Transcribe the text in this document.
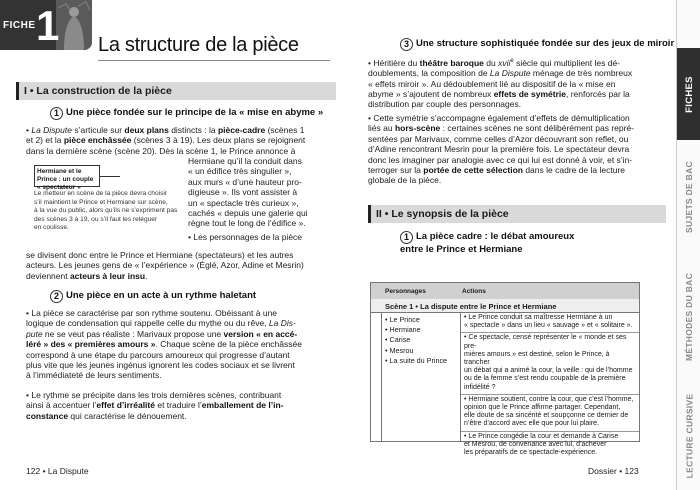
FICHE 1 La structure de la pièce
I • La construction de la pièce
1 Une pièce fondée sur le principe de la « mise en abyme »
• La Dispute s’articule sur deux plans distincts : la pièce-cadre (scènes 1
et 2) et la pièce enchâssée (scènes 3 à 19). Les deux plans se rejoignent
dans la dernière scène (scène 20). Dès la scène 1, le Prince annonce à
Hermiane qu’il la conduit dans
« un édifice très singulier »,
aux murs « d’une hauteur pro-
digieuse ». Ils vont assister à
un « spectacle très curieux »,
cachés « depuis une galerie qui
règne tout le long de l’édifice ».
• Les personnages de la pièce
Hermiane et le Prince : un couple « spectateur »
Le metteur en scène de la pièce devra choisir
s’il maintient le Prince et Hermiane sur scène,
à la vue du public, alors qu’ils ne s’expriment pas
des scènes 3 à 19, ou s’il faut les reléguer
en coulisse.
se divisent donc entre le Prince et Hermiane (spectateurs) et les autres
acteurs. Les jeunes gens de « l’expérience » (Églé, Azor, Adine et Mesrin)
deviennent acteurs à leur insu.
2 Une pièce en un acte à un rythme haletant
• La pièce se caractérise par son rythme soutenu. Obéissant à une
logique de condensation qui rappelle celle du mythe ou du rêve, La Dis-
pute ne se veut pas réaliste : Marivaux propose une version « en accé-
léré » des « premières amours ». Chaque scène de la pièce enchâssée
correspond à une étape du parcours amoureux qui progresse d’autant
plus vite que les jeunes ingénus ignorent les codes sociaux et se livrent
à l’immédiateté de leurs sentiments.
• Le rythme se précipite dans les trois dernières scènes, contribuant
ainsi à accentuer l’effet d’irréalité et traduire l’emballement de l’in-
constance qui caractérise le dénouement.
3 Une structure sophistiquée fondée sur des jeux de miroir
• Héritière du théâtre baroque du xvii$^e$ siècle qui multiplient les dé-
doublements, la composition de La Dispute ménage de très nombreux
« effets miroir ». Au dédoublement lié au dispositif de la « mise en
abyme » s’ajoutent de nombreux effets de symétrie, renforcés par la
distribution par couple des personnages.
• Cette symétrie s’accompagne également d’effets de démultiplication
liés au hors-scène : certaines scènes ne sont délibérément pas repré-
sentées par Marivaux, comme celles d’Azor découvrant son reflet, ou
d’Adine rencontrant Mesrin pour la première fois. Le spectateur devra
donc les imaginer par analogie avec ce qui lui est donné à voir, et s’in-
terroger sur la portée de cette sélection dans le cadre de la lecture
globale de la pièce.
II • Le synopsis de la pièce
1 La pièce cadre : le débat amoureux
entre le Prince et Hermiane
Personnages	Actions
Scène 1 • La dispute entre le Prince et Hermiane
• Le Prince
• Hermiane
• Carise
• Mesrou
• La suite du Prince
• Le Prince conduit sa maîtresse Hermiane à un
« spectacle » dans un lieu « sauvage » et « solitaire ».
• Ce spectacle, censé représenter le « monde et ses pre-
mières amours » est destiné, selon le Prince, à trancher
un débat qui a animé la cour, la veille : qui de l’homme
ou de la femme s’est rendu coupable de la première
infidélité ?
• Hermiane soutient, contre la cour, que c’est l’homme,
opinion que le Prince affirme partager. Cependant,
elle doute de sa sincérité et soupçonne ce dernier de
n’être d’accord avec elle que pour lui plaire.
• Le Prince congédie la cour et demande à Carise
et Mesrou, de convenance avec lui, d’achever
les préparatifs de ce spectacle-expérience.
122 • La Dispute	Dossier • 123
FICHES
SUJETS DE BAC
MÉTHODES DU BAC
LECTURE CURSIVE
